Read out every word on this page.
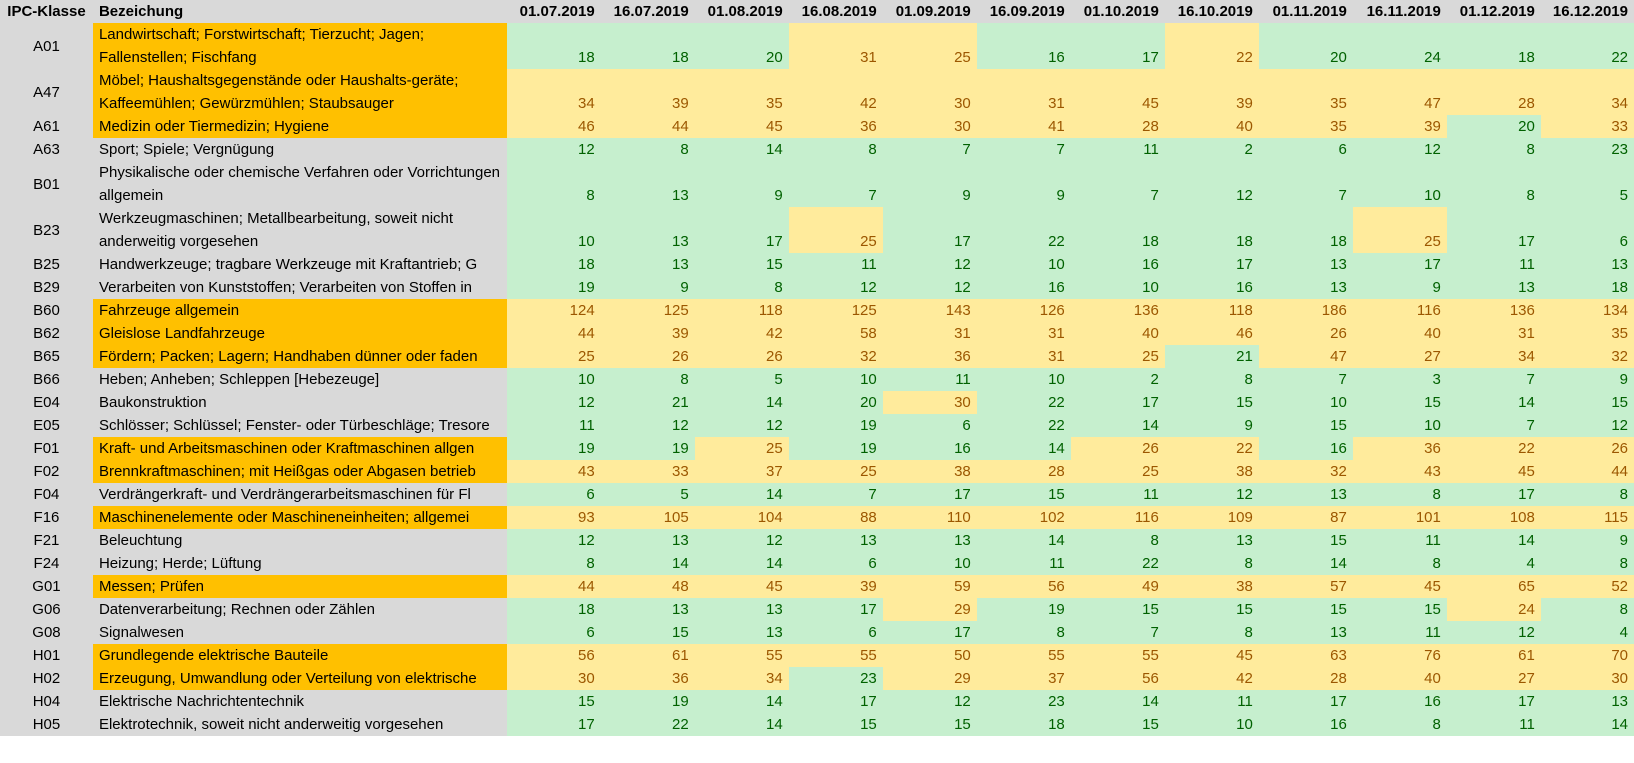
IPC-Klasse	Bezeichung	01.07.2019	16.07.2019	01.08.2019	16.08.2019	01.09.2019	16.09.2019	01.10.2019	16.10.2019	01.11.2019	16.11.2019	01.12.2019	16.12.2019
A01	Landwirtschaft; Forstwirtschaft; Tierzucht; Jagen; Fallenstellen; Fischfang	18	18	20	31	25	16	17	22	20	24	18	22
A47	Möbel; Haushaltsgegenstände oder Haushalts-geräte; Kaffeemühlen; Gewürzmühlen; Staubsauger	34	39	35	42	30	31	45	39	35	47	28	34
A61	Medizin oder Tiermedizin; Hygiene	46	44	45	36	30	41	28	40	35	39	20	33
A63	Sport; Spiele; Vergnügung	12	8	14	8	7	7	11	2	6	12	8	23
B01	Physikalische oder chemische Verfahren oder Vorrichtungen allgemein	8	13	9	7	9	9	7	12	7	10	8	5
B23	Werkzeugmaschinen; Metallbearbeitung, soweit nicht anderweitig vorgesehen	10	13	17	25	17	22	18	18	18	25	17	6
B25	Handwerkzeuge; tragbare Werkzeuge mit Kraftantrieb; G	18	13	15	11	12	10	16	17	13	17	11	13
B29	Verarbeiten von Kunststoffen; Verarbeiten von Stoffen in	19	9	8	12	12	16	10	16	13	9	13	18
B60	Fahrzeuge allgemein	124	125	118	125	143	126	136	118	186	116	136	134
B62	Gleislose Landfahrzeuge	44	39	42	58	31	31	40	46	26	40	31	35
B65	Fördern; Packen; Lagern; Handhaben dünner oder faden	25	26	26	32	36	31	25	21	47	27	34	32
B66	Heben; Anheben; Schleppen [Hebezeuge]	10	8	5	10	11	10	2	8	7	3	7	9
E04	Baukonstruktion	12	21	14	20	30	22	17	15	10	15	14	15
E05	Schlösser; Schlüssel; Fenster- oder Türbeschläge; Tresore	11	12	12	19	6	22	14	9	15	10	7	12
F01	Kraft- und Arbeitsmaschinen oder Kraftmaschinen allgen	19	19	25	19	16	14	26	22	16	36	22	26
F02	Brennkraftmaschinen; mit Heißgas oder Abgasen betrieb	43	33	37	25	38	28	25	38	32	43	45	44
F04	Verdrängerkraft- und Verdrängerarbeitsmaschinen für Fl	6	5	14	7	17	15	11	12	13	8	17	8
F16	Maschinenelemente oder Maschineneinheiten; allgemei	93	105	104	88	110	102	116	109	87	101	108	115
F21	Beleuchtung	12	13	12	13	13	14	8	13	15	11	14	9
F24	Heizung; Herde; Lüftung	8	14	14	6	10	11	22	8	14	8	4	8
G01	Messen; Prüfen	44	48	45	39	59	56	49	38	57	45	65	52
G06	Datenverarbeitung; Rechnen oder Zählen	18	13	13	17	29	19	15	15	15	15	24	8
G08	Signalwesen	6	15	13	6	17	8	7	8	13	11	12	4
H01	Grundlegende elektrische Bauteile	56	61	55	55	50	55	55	45	63	76	61	70
H02	Erzeugung, Umwandlung oder Verteilung von elektrische	30	36	34	23	29	37	56	42	28	40	27	30
H04	Elektrische Nachrichtentechnik	15	19	14	17	12	23	14	11	17	16	17	13
H05	Elektrotechnik, soweit nicht anderweitig vorgesehen	17	22	14	15	15	18	15	10	16	8	11	14
